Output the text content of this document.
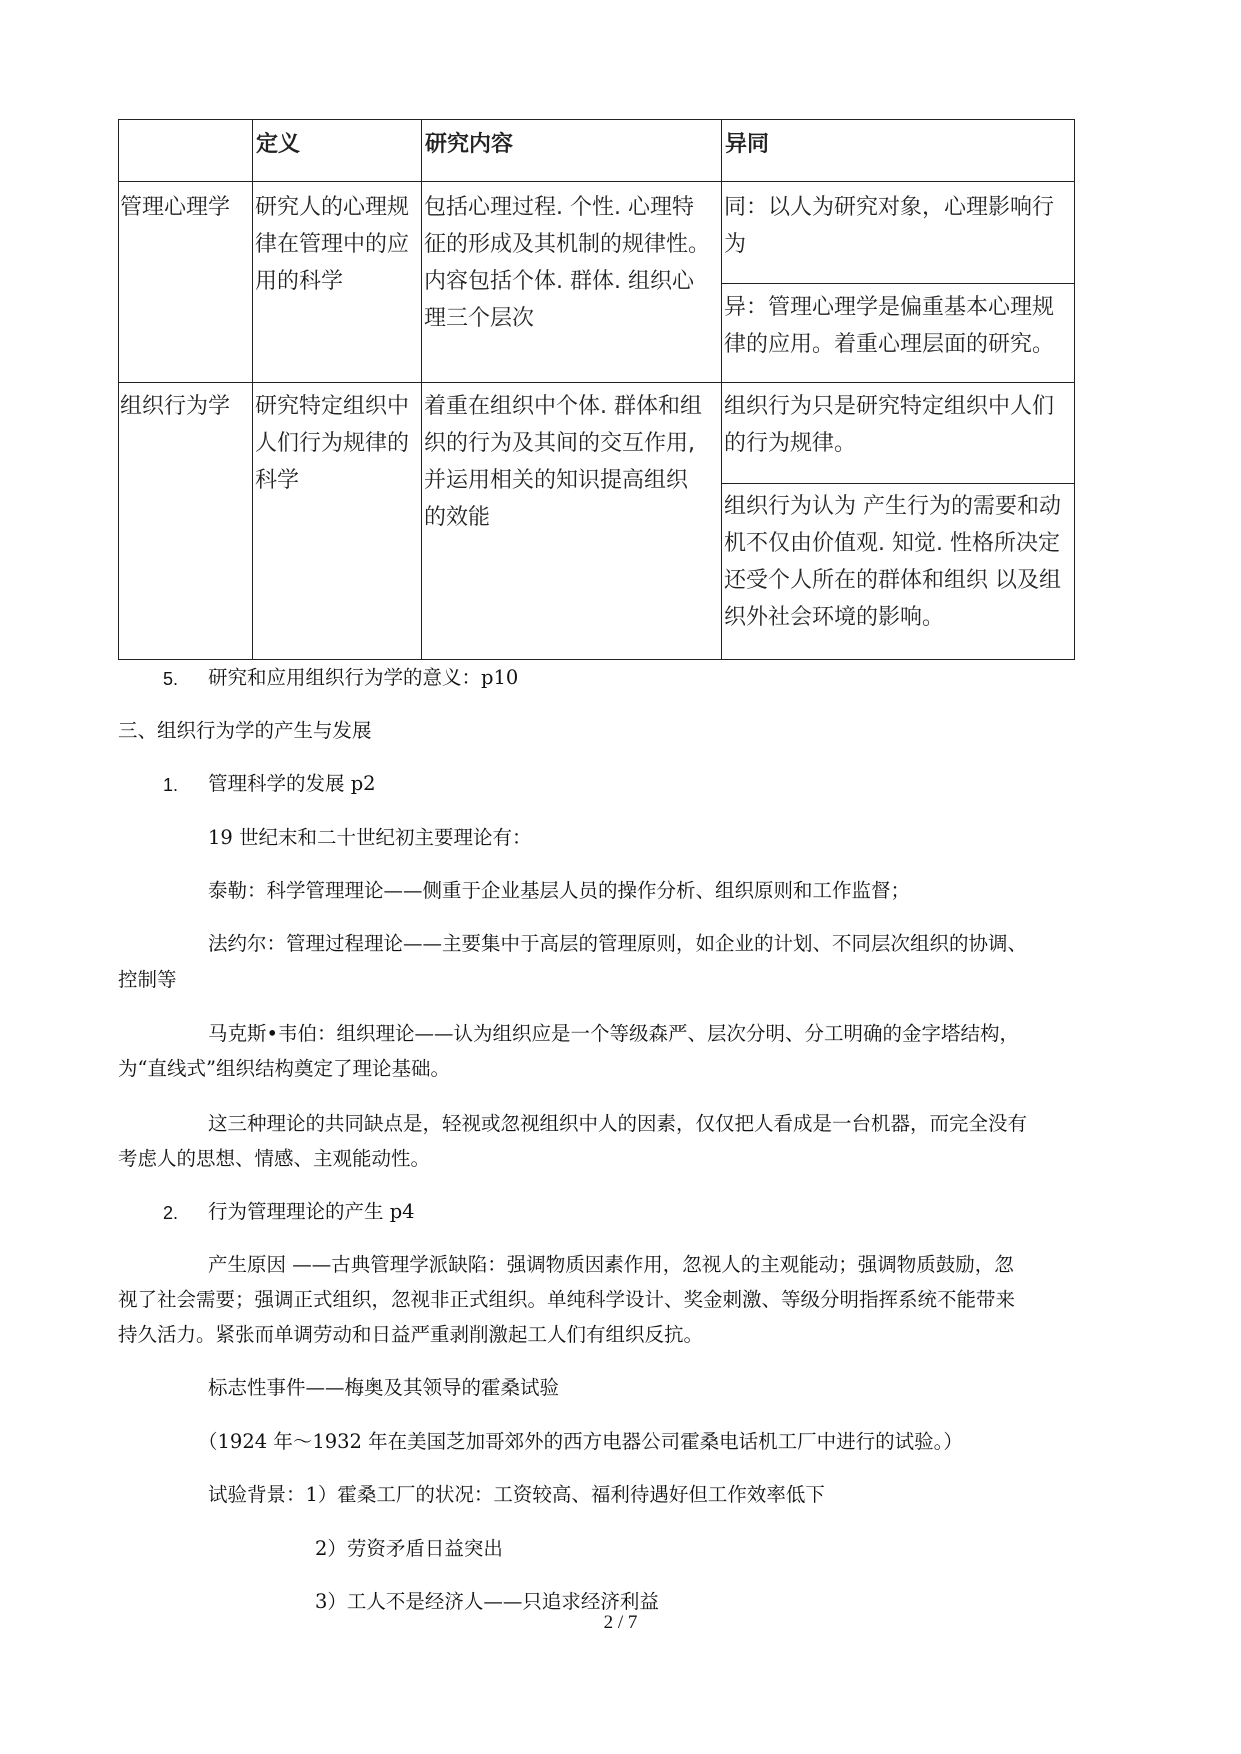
定义	研究内容	异同
管理心理学 研究人的心理规
律在管理中的应
用的科学
包括心理过程. 个性. 心理特
征的形成及其机制的规律性。
内容包括个体. 群体. 组织心
理三个层次
同：以人为研究对象，心理影响行
为
异：管理心理学是偏重基本心理规
律的应用。着重心理层面的研究。
组织行为学 研究特定组织中
人们行为规律的
科学
着重在组织中个体. 群体和组
织的行为及其间的交互作用,
并运用相关的知识提高组织
的效能
组织行为只是研究特定组织中人们
的行为规律。
组织行为认为 产生行为的需要和动
机不仅由价值观. 知觉. 性格所决定
还受个人所在的群体和组织 以及组
织外社会环境的影响。
5. 研究和应用组织行为学的意义：p10
三、组织行为学的产生与发展
1. 管理科学的发展 p2
19 世纪末和二十世纪初主要理论有：
泰勒：科学管理理论——侧重于企业基层人员的操作分析、组织原则和工作监督；
法约尔：管理过程理论——主要集中于高层的管理原则，如企业的计划、不同层次组织的协调、
控制等
马克斯•韦伯：组织理论——认为组织应是一个等级森严、层次分明、分工明确的金字塔结构，
为“直线式”组织结构奠定了理论基础。
这三种理论的共同缺点是，轻视或忽视组织中人的因素，仅仅把人看成是一台机器，而完全没有
考虑人的思想、情感、主观能动性。
2. 行为管理理论的产生 p4
产生原因 ——古典管理学派缺陷：强调物质因素作用，忽视人的主观能动；强调物质鼓励，忽
视了社会需要；强调正式组织，忽视非正式组织。单纯科学设计、奖金刺激、等级分明指挥系统不能带来
持久活力。紧张而单调劳动和日益严重剥削激起工人们有组织反抗。
标志性事件——梅奥及其领导的霍桑试验
（1924 年～1932 年在美国芝加哥郊外的西方电器公司霍桑电话机工厂中进行的试验。）
试验背景：1）霍桑工厂的状况：工资较高、福利待遇好但工作效率低下
2）劳资矛盾日益突出
3）工人不是经济人——只追求经济利益
2 / 7
